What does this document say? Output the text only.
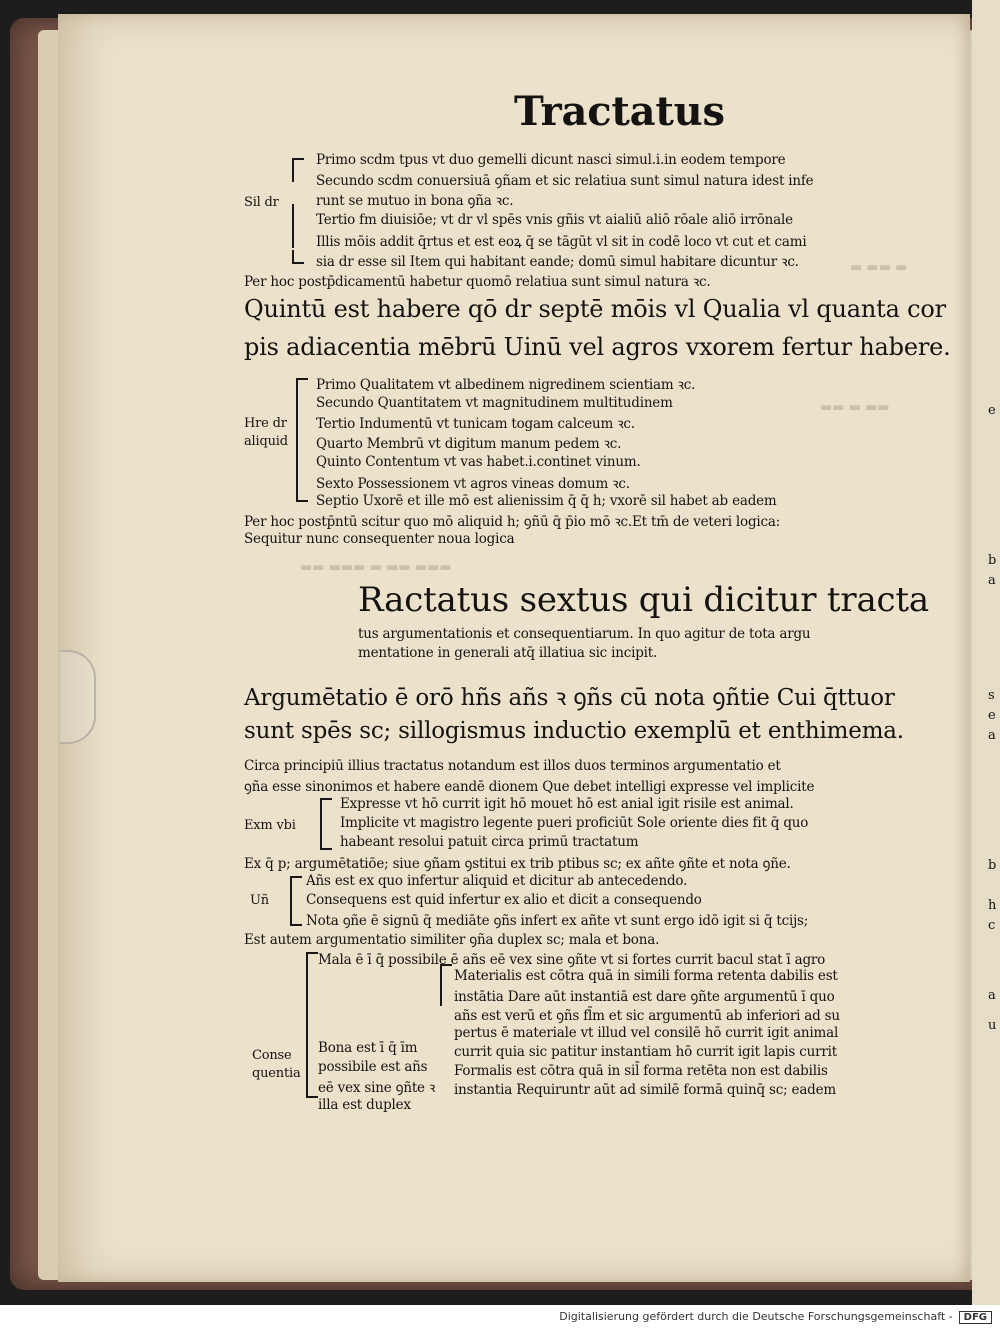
▬ ▬▬ ▬
▬▬ ▬ ▬▬
▬▬ ▬▬▬ ▬ ▬▬ ▬▬▬
Tractatus
Sil dr
Primo scdm tpus vt duo gemelli dicunt nasci simul.i.in eodem tempore
Secundo scdm conuersiuā ꝯñam et sic relatiua sunt simul natura idest infe
runt se mutuo in bona ꝯña ꝛc.
Tertio fm diuisiōe; vt dr vl spēs vnis gñis vt aialiū aliō rōale aliō irrōnale
Illis mōis addit q̄rtus et est eoꝝ q̄ se tāgūt vl sit in codē loco vt cut et cami
sia dr esse sil Item qui habitant eande; domū simul habitare dicuntur ꝛc.
Per hoc postp̄dicamentū habetur quomō relatiua sunt simul natura ꝛc.
Quintū est habere qō dr septē mōis vl Qualia vl quanta cor
pis adiacentia mēbrū Uinū vel agros vxorem fertur habere.
Hre dr
aliquid
Primo Qualitatem vt albedinem nigredinem scientiam ꝛc.
Secundo Quantitatem vt magnitudinem multitudinem
Tertio Indumentū vt tunicam togam calceum ꝛc.
Quarto Membrū vt digitum manum pedem ꝛc.
Quinto Contentum vt vas habet.i.continet vinum.
Sexto Possessionem vt agros vineas domum ꝛc.
Septio Uxorē et ille mō est alienissim q̄ q̄ h; vxorē sil habet ab eadem
Per hoc postp̄ntū scitur quo mō aliquid h; ꝯñū q̄ p̄io mō ꝛc.Et tm̄ de veteri logica:
Sequitur nunc consequenter noua logica
Ractatus sextus qui dicitur tracta
tus argumentationis et consequentiarum. In quo agitur de tota argu
mentatione in generali atq̄ illatiua sic incipit.
Argumētatio ē orō hñs añs ꝛ ꝯñs cū nota ꝯñtie Cui q̄ttuor
sunt spēs sc; sillogismus inductio exemplū et enthimema.
Circa principiū illius tractatus notandum est illos duos terminos argumentatio et
ꝯña esse sinonimos et habere eandē dionem Que debet intelligi expresse vel implicite
Exm vbi
Expresse vt hō currit igit hō mouet hō est anial igit risile est animal.
Implicite vt magistro legente pueri proficiūt Sole oriente dies fit q̄ quo
habeant resolui patuit circa primū tractatum
Ex q̄ p; argumētatiōe; siue ꝯñam ꝯstitui ex trib ptibus sc; ex añte ꝯñte et nota ꝯñe.
Uñ
Añs est ex quo infertur aliquid et dicitur ab antecedendo.
Consequens est quid infertur ex alio et dicit a consequendo
Nota ꝯñe ē signū q̄ mediāte ꝯñs infert ex añte vt sunt ergo idō igit si q̄ tcijs;
Est autem argumentatio similiter ꝯña duplex sc; mala et bona.
Conse
quentia
Mala ē ī q̄ possibile ē añs eē vex sine ꝯñte vt si fortes currit bacul stat ī agro
Materialis est cōtra quā in simili forma retenta dabilis est
instātia Dare aūt instantiā est dare ꝯñte argumentū ī quo
añs est verū et ꝯñs fl̄m et sic argumentū ab inferiori ad su
pertus ē materiale vt illud vel consilē hō currit igit animal
currit quia sic patitur instantiam hō currit igit lapis currit
Formalis est cōtra quā in sil̄ forma retēta non est dabilis
instantia Requiruntr aūt ad similē formā quinq̄ sc; eadem
Bona est ī q̄ īm
possibile est añs
eē vex sine ꝯñte ꝛ
illa est duplex
e
b
a
s
e
a
b
h
c
a
u
Digitalisierung gefördert durch die Deutsche Forschungsgemeinschaft - DFG
